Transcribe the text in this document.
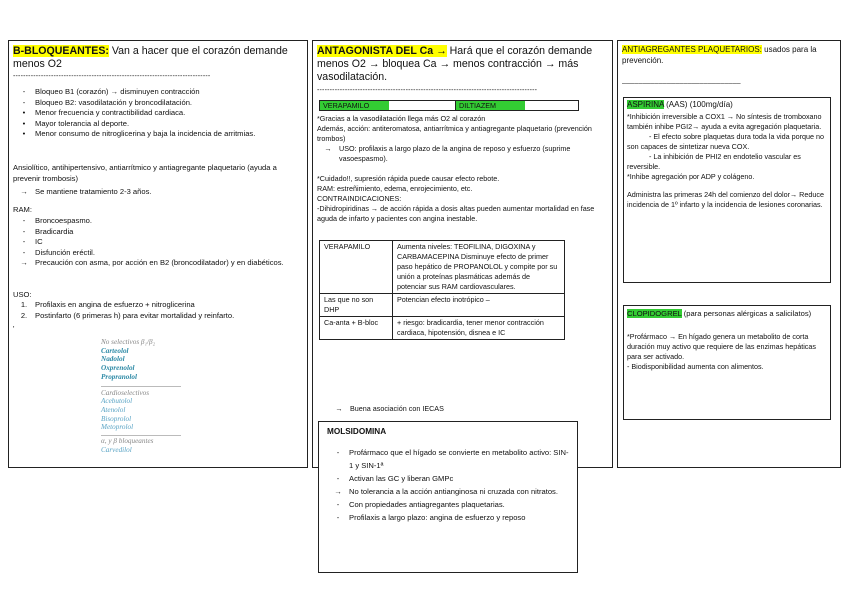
B-BLOQUEANTES: Van a hacer que el corazón demande menos O2
------------------------------------------------------------------------------
-	Bloqueo B1 (corazón) → disminuyen contracción
-	Bloqueo B2: vasodilatación y broncodilatación.
•	Menor frecuencia y contractibilidad cardiaca.
•	Mayor tolerancia al deporte.
•	Menor consumo de nitroglicerina y baja la incidencia de arritmias.
Ansiolítico, antihipertensivo, antiarrítmico y antiagregante plaquetario (ayuda a prevenir trombosis)
→ Se mantiene tratamiento 2-3 años.
RAM:
-	Broncoespasmo.
-	Bradicardia
-	IC
-	Disfunción eréctil.
→ Precaución con asma, por acción en B2 (broncodilatador) y en diabéticos.
USO:
1.	Profilaxis en angina de esfuerzo + nitroglicerina
2.	Postinfarto (6 primeras h) para evitar mortalidad y reinfarto.
'
No selectivos β₁/β₂
Carteolol
Nadolol
Oxprenolol
Propranolol
Cardioselectivos
Acebutolol
Atenolol
Bisoprolol
Metoprolol
α, y β bloqueantes
Carvedilol
ANTAGONISTA DEL Ca → Hará que el corazón demande menos O2 → bloquea Ca → menos contracción → más vasodilatación.
---------------------------------------------------------------------------------------
VERAPAMILO	DILTIAZEM
*Gracias a la vasodilatación llega más O2 al corazón
Además, acción: antiteromatosa, antiarrítmica y antiagregante plaquetario (prevención trombos)
→	USO: profilaxis a largo plazo de la angina de reposo y esfuerzo (suprime vasoespasmo).
*Cuidado!!, supresión rápida puede causar efecto rebote.
RAM: estreñimiento, edema, enrojecimiento, etc.
CONTRAINDICACIONES:
-Dihidropiridinas → de acción rápida a dosis altas pueden aumentar mortalidad en fase aguda de infarto y pacientes con angina inestable.
VERAPAMILO	Aumenta niveles: TEOFILINA, DIGOXINA y CARBAMACEPINA Disminuye efecto de primer paso hepático de PROPANOLOL y compite por su unión a proteínas plasmáticas además de potenciar sus RAM cardiovasculares.
Las que no son DHP	Potencian efecto inotrópico –
Ca-anta + B-bloc	+ riesgo: bradicardia, tener menor contracción cardiaca, hipotensión, disnea e IC
→	Buena asociación con IECAS
MOLSIDOMINA
-	Profármaco que el hígado se convierte en metabolito activo: SIN-1 y SIN-1ª
-	Activan las GC y liberan GMPc
→ No tolerancia a la acción antianginosa ni cruzada con nitratos.
-	Con propiedades antiagregantes plaquetarias.
-	Profilaxis a largo plazo: angina de esfuerzo y reposo
ANTIAGREGANTES PLAQUETARIOS: usados para la prevención.
_____________________________
ASPIRINA (AAS) (100mg/día)
*Inhibición irreversible a COX1 → No síntesis de tromboxano también inhibe PGI2→ ayuda a evita agregación plaquetaria.
- El efecto sobre plaquetas dura toda la vida porque no son capaces de sintetizar nueva COX.
- La inhibición de PHI2 en endotelio vascular es reversible.
*Inhibe agregación por ADP y colágeno.
Administra las primeras 24h del comienzo del dolor→ Reduce incidencia de 1º infarto y la incidencia de lesiones coronarias.
CLOPIDOGREL (para personas alérgicas a salicilatos)
*Profármaco → En hígado genera un metabolito de corta duración muy activo que requiere de las enzimas hepáticas para ser activado.
- Biodisponibilidad aumenta con alimentos.
